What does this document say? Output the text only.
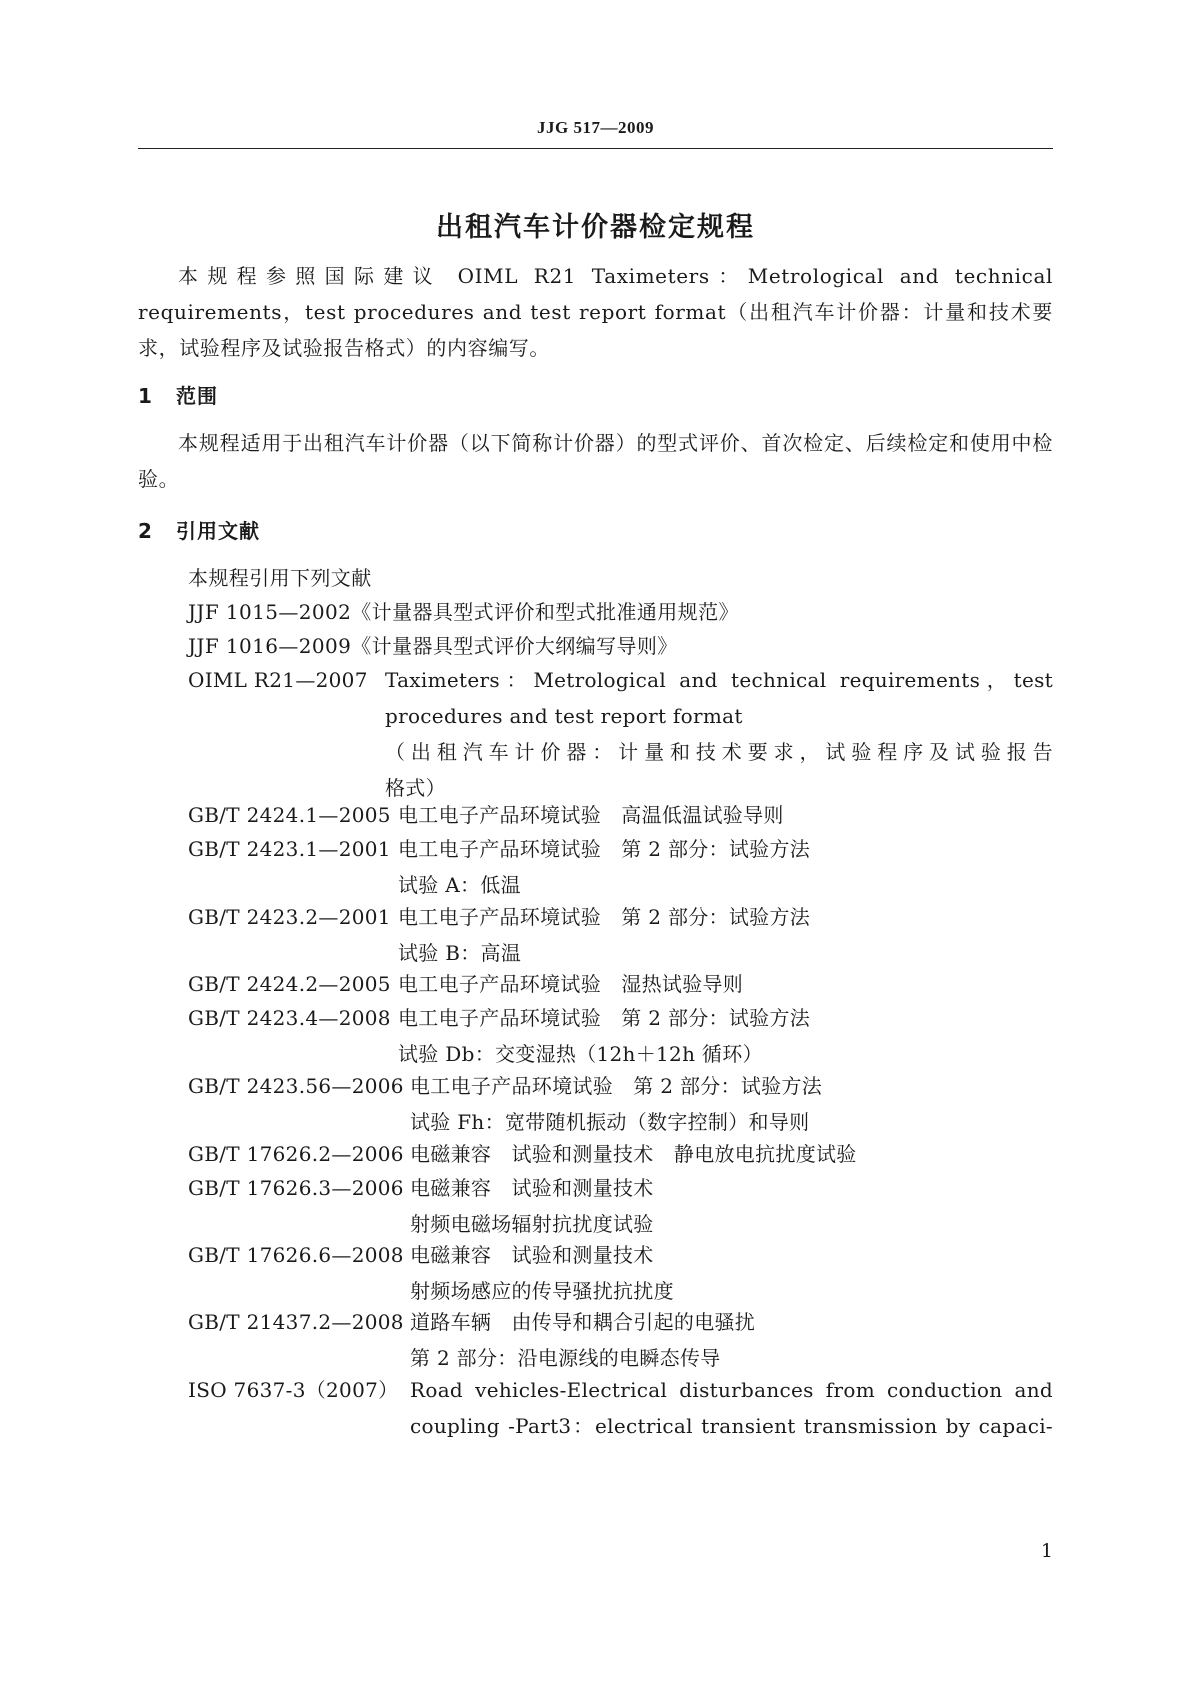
JJG 517—2009
出租汽车计价器检定规程
本规程参照国际建议 OIML R21 Taximeters：Metrological and technical requirements，test procedures and test report format（出租汽车计价器：计量和技术要求，试验程序及试验报告格式）的内容编写。
1 范围
本规程适用于出租汽车计价器（以下简称计价器）的型式评价、首次检定、后续检定和使用中检验。
2 引用文献
本规程引用下列文献
JJF 1015—2002《计量器具型式评价和型式批准通用规范》
JJF 1016—2009《计量器具型式评价大纲编写导则》
OIML R21—2007 Taximeters：Metrological and technical requirements，test
procedures and test report format
（出租汽车计价器：计量和技术要求，试验程序及试验报告
格式）
GB/T 2424.1—2005 电工电子产品环境试验　高温低温试验导则
GB/T 2423.1—2001 电工电子产品环境试验　第 2 部分：试验方法
试验 A：低温
GB/T 2423.2—2001 电工电子产品环境试验　第 2 部分：试验方法
试验 B：高温
GB/T 2424.2—2005 电工电子产品环境试验　湿热试验导则
GB/T 2423.4—2008 电工电子产品环境试验　第 2 部分：试验方法
试验 Db：交变湿热（12h＋12h 循环）
GB/T 2423.56—2006 电工电子产品环境试验　第 2 部分：试验方法
试验 Fh：宽带随机振动（数字控制）和导则
GB/T 17626.2—2006 电磁兼容　试验和测量技术　静电放电抗扰度试验
GB/T 17626.3—2006 电磁兼容　试验和测量技术
射频电磁场辐射抗扰度试验
GB/T 17626.6—2008 电磁兼容　试验和测量技术
射频场感应的传导骚扰抗扰度
GB/T 21437.2—2008 道路车辆　由传导和耦合引起的电骚扰
第 2 部分：沿电源线的电瞬态传导
ISO 7637-3（2007） Road vehicles-Electrical disturbances from conduction and
coupling -Part3：electrical transient transmission by capaci-
1
